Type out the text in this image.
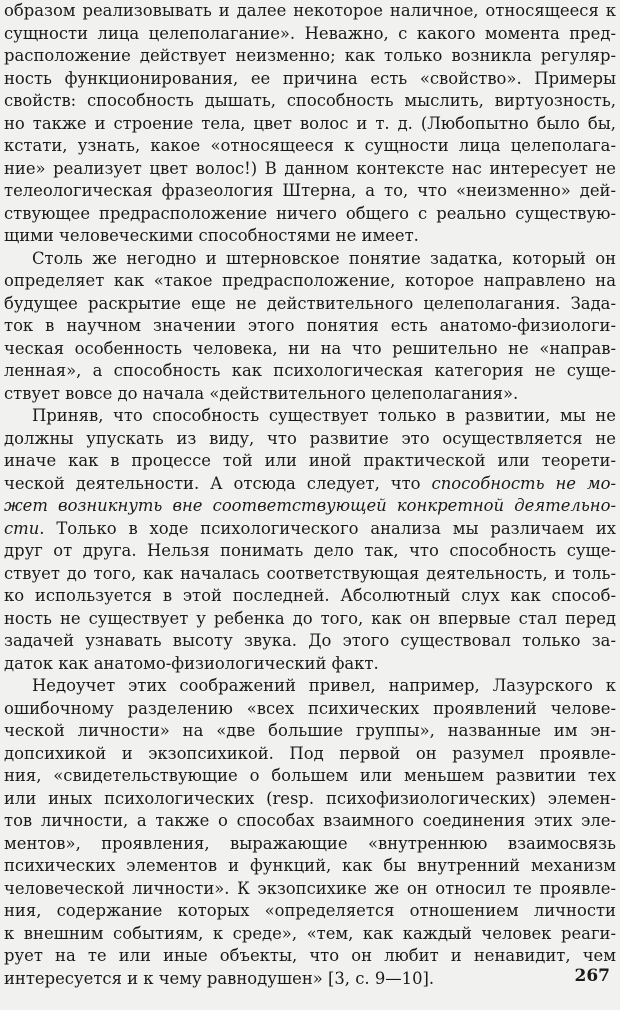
образом реализовывать и далее некоторое наличное, относящееся к
сущности лица целеполагание». Неважно, с какого момента пред-
расположение действует неизменно; как только возникла регуляр-
ность функционирования, ее причина есть «свойство». Примеры
свойств: способность дышать, способность мыслить, виртуозность,
но также и строение тела, цвет волос и т. д. (Любопытно было бы,
кстати, узнать, какое «относящееся к сущности лица целеполага-
ние» реализует цвет волос!) В данном контексте нас интересует не
телеологическая фразеология Штерна, а то, что «неизменно» дей-
ствующее предрасположение ничего общего с реально существую-
щими человеческими способностями не имеет.
Столь же негодно и штерновское понятие задатка, который он
определяет как «такое предрасположение, которое направлено на
будущее раскрытие еще не действительного целеполагания. Задa-
ток в научном значении этого понятия есть анатомо-физиологи-
ческая особенность человека, ни на что решительно не «направ-
ленная», а способность как психологическая категория не суще-
ствует вовсе до начала «действительного целеполагания».
Приняв, что способность существует только в развитии, мы не
должны упускать из виду, что развитие это осуществляется не
иначе как в процессе той или иной практической или теорети-
ческой деятельности. А отсюда следует, что способность не мо-
жет возникнуть вне соответствующей конкретной деятельно-
сти. Только в ходе психологического анализа мы различаем их
друг от друга. Нельзя понимать дело так, что способность суще-
ствует до того, как началась соответствующая деятельность, и толь-
ко используется в этой последней. Абсолютный слух как способ-
ность не существует у ребенка до того, как он впервые стал перед
задачей узнавать высоту звука. До этого существовал только за-
даток как анатомо-физиологический факт.
Недоучет этих соображений привел, например, Лазурского к
ошибочному разделению «всех психических проявлений челове-
ческой личности» на «две большие группы», названные им эн-
допсихикой и экзопсихикой. Под первой он разумел проявле-
ния, «свидетельствующие о большем или меньшем развитии тех
или иных психологических (resp. психофизиологических) элемен-
тов личности, а также о способах взаимного соединения этих эле-
ментов», проявления, выражающие «внутреннюю взаимосвязь
психических элементов и функций, как бы внутренний механизм
человеческой личности». К экзопсихике же он относил те проявле-
ния, содержание которых «определяется отношением личности
к внешним событиям, к среде», «тем, как каждый человек реаги-
рует на те или иные объекты, что он любит и ненавидит, чем
интересуется и к чему равнодушен» [3, с. 9—10].	267
